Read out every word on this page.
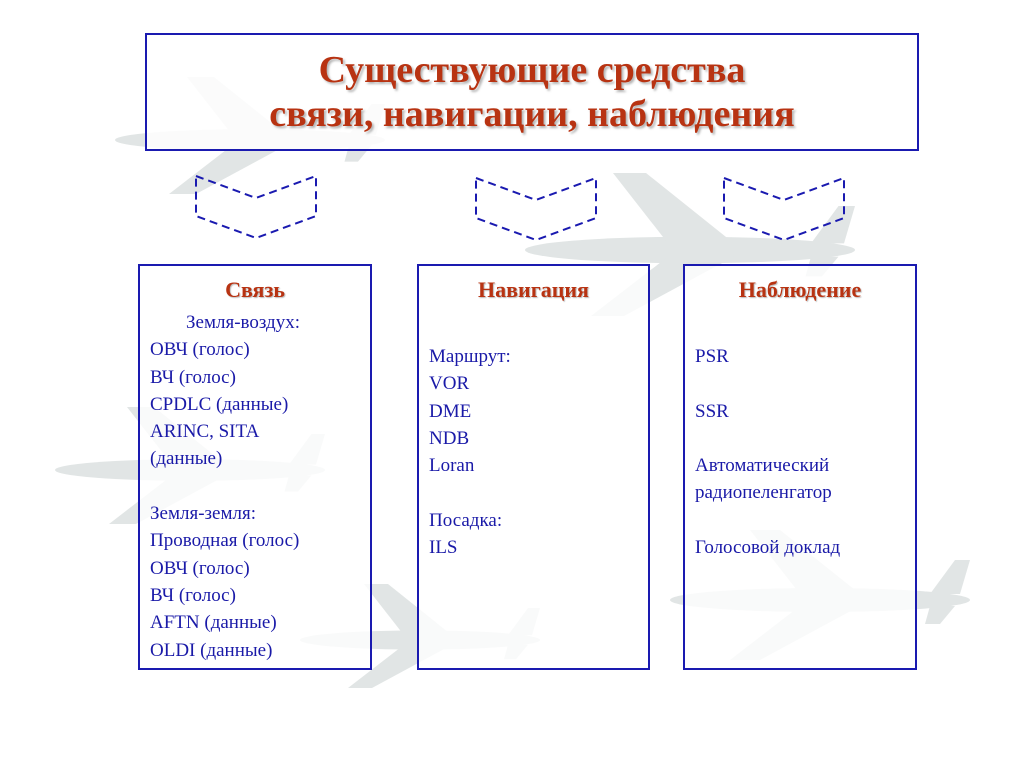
Существующие средства
связи, навигации, наблюдения
Связь
Земля-воздух:
ОВЧ (голос)
ВЧ (голос)
CPDLC (данные)
ARINC, SITA
(данные)
Земля-земля:
Проводная (голос)
ОВЧ (голос)
ВЧ (голос)
AFTN (данные)
OLDI (данные)
Навигация
Маршрут:
VOR
DME
NDB
Loran
Посадка:
ILS
Наблюдение
PSR
SSR
Автоматический
радиопеленгатор
Голосовой доклад
